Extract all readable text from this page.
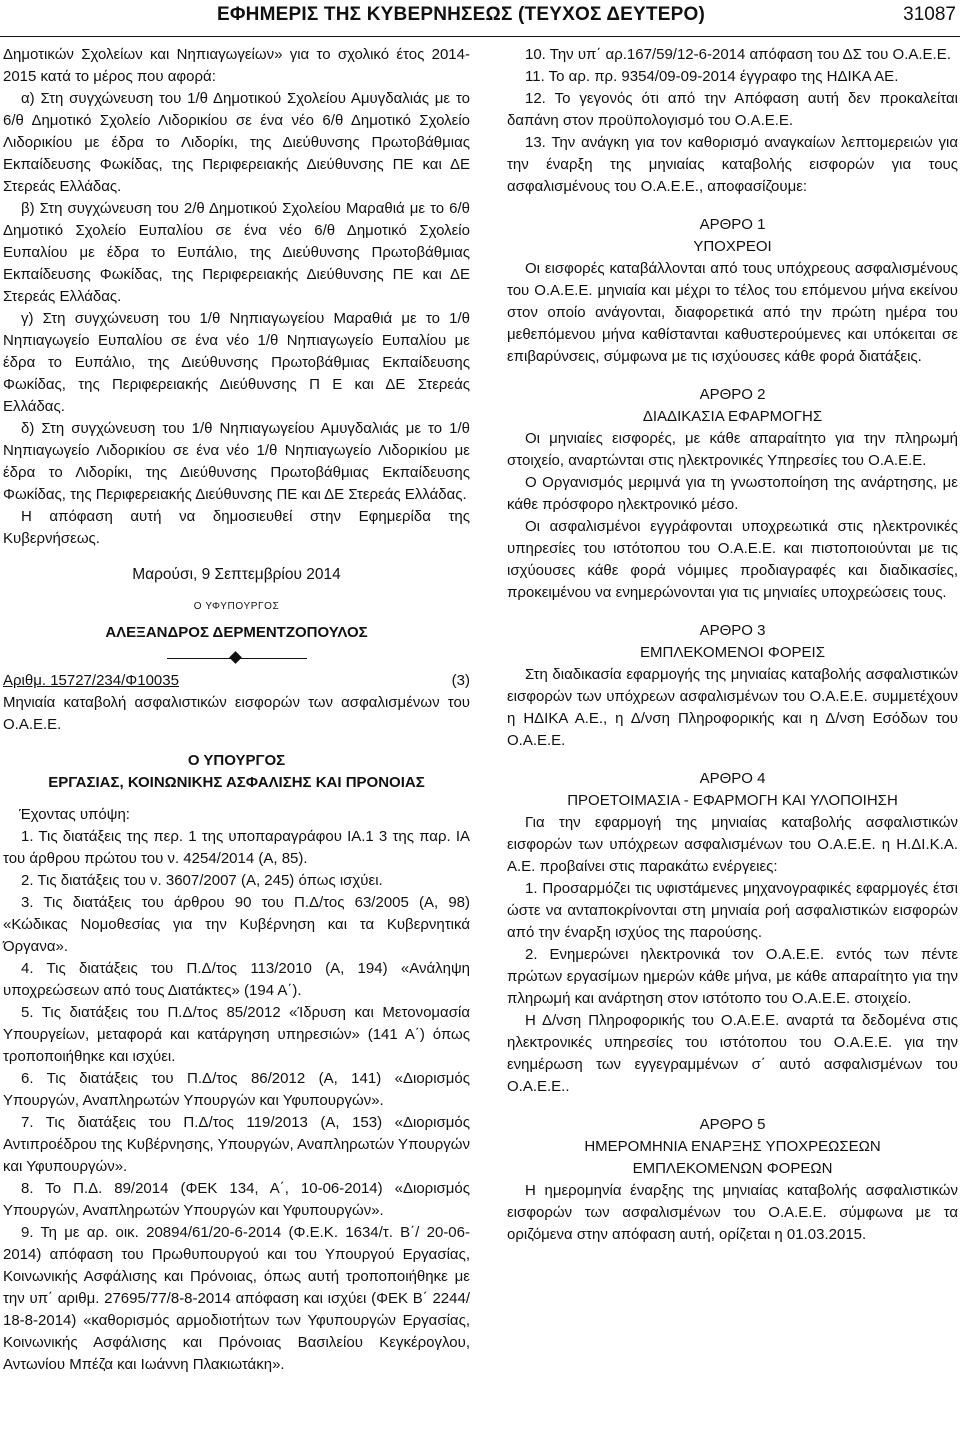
ΕΦΗΜΕΡΙΣ ΤΗΣ ΚΥΒΕΡΝΗΣΕΩΣ (ΤΕΥΧΟΣ ΔΕΥΤΕΡΟ)	31087

Δημοτικών Σχολείων και Νηπιαγωγείων» για το σχολικό έτος 2014-2015 κατά το μέρος που αφορά:

α) Στη συγχώνευση του 1/θ Δημοτικού Σχολείου Αμυγδαλιάς με το 6/θ Δημοτικό Σχολείο Λιδορικίου σε ένα νέο 6/θ Δημοτικό Σχολείο Λιδορικίου με έδρα το Λιδορίκι, της Διεύθυνσης Πρωτοβάθμιας Εκπαίδευσης Φωκίδας, της Περιφερειακής Διεύθυνσης ΠΕ και ΔΕ Στερεάς Ελλάδας.

β) Στη συγχώνευση του 2/θ Δημοτικού Σχολείου Μαραθιά με το 6/θ Δημοτικό Σχολείο Ευπαλίου σε ένα νέο 6/θ Δημοτικό Σχολείο Ευπαλίου με έδρα το Ευπάλιο, της Διεύθυνσης Πρωτοβάθμιας Εκπαίδευσης Φωκίδας, της Περιφερειακής Διεύθυνσης ΠΕ και ΔΕ Στερεάς Ελλάδας.

γ) Στη συγχώνευση του 1/θ Νηπιαγωγείου Μαραθιά με το 1/θ Νηπιαγωγείο Ευπαλίου σε ένα νέο 1/θ Νηπιαγωγείο Ευπαλίου με έδρα το Ευπάλιο, της Διεύθυνσης Πρωτοβάθμιας Εκπαίδευσης Φωκίδας, της Περιφερειακής Διεύθυνσης Π Ε και ΔΕ Στερεάς Ελλάδας.

δ) Στη συγχώνευση του 1/θ Νηπιαγωγείου Αμυγδαλιάς με το 1/θ Νηπιαγωγείο Λιδορικίου σε ένα νέο 1/θ Νηπιαγωγείο Λιδορικίου με έδρα το Λιδορίκι, της Διεύθυνσης Πρωτοβάθμιας Εκπαίδευσης Φωκίδας, της Περιφερειακής Διεύθυνσης ΠΕ και ΔΕ Στερεάς Ελλάδας.

Η απόφαση αυτή να δημοσιευθεί στην Εφημερίδα της Κυβερνήσεως.

Μαρούσι, 9 Σεπτεμβρίου 2014

Ο ΥΦΥΠΟΥΡΓΟΣ

ΑΛΕΞΑΝΔΡΟΣ ΔΕΡΜΕΝΤΖΟΠΟΥΛΟΣ

Αριθμ. 15727/234/Φ10035	(3)

Μηνιαία καταβολή ασφαλιστικών εισφορών των ασφαλισμένων του Ο.Α.Ε.Ε.

Ο ΥΠΟΥΡΓΟΣ

ΕΡΓΑΣΙΑΣ, ΚΟΙΝΩΝΙΚΗΣ ΑΣΦΑΛΙΣΗΣ ΚΑΙ ΠΡΟΝΟΙΑΣ

Έχοντας υπόψη:

1. Τις διατάξεις της περ. 1 της υποπαραγράφου ΙΑ.1 3 της παρ. ΙΑ του άρθρου πρώτου του ν. 4254/2014 (Α, 85).

2. Τις διατάξεις του ν. 3607/2007 (Α, 245) όπως ισχύει.

3. Τις διατάξεις του άρθρου 90 του Π.Δ/τος 63/2005 (Α, 98) «Κώδικας Νομοθεσίας για την Κυβέρνηση και τα Κυβερνητικά Όργανα».

4. Τις διατάξεις του Π.Δ/τος 113/2010 (Α, 194) «Ανάληψη υποχρεώσεων από τους Διατάκτες» (194 Α΄).

5. Τις διατάξεις του Π.Δ/τος 85/2012 «Ίδρυση και Μετονομασία Υπουργείων, μεταφορά και κατάργηση υπηρεσιών» (141 Α΄) όπως τροποποιήθηκε και ισχύει.

6. Τις διατάξεις του Π.Δ/τος 86/2012 (Α, 141) «Διορισμός Υπουργών, Αναπληρωτών Υπουργών και Υφυπουργών».

7. Τις διατάξεις του Π.Δ/τος 119/2013 (Α, 153) «Διορισμός Αντιπροέδρου της Κυβέρνησης, Υπουργών, Αναπληρωτών Υπουργών και Υφυπουργών».

8. Το Π.Δ. 89/2014 (ΦΕΚ 134, Α΄, 10-06-2014) «Διορισμός Υπουργών, Αναπληρωτών Υπουργών και Υφυπουργών».

9. Τη με αρ. οικ. 20894/61/20-6-2014 (Φ.Ε.Κ. 1634/τ. Β΄/ 20-06-2014) απόφαση του Πρωθυπουργού και του Υπουργού Εργασίας, Κοινωνικής Ασφάλισης και Πρόνοιας, όπως αυτή τροποποιήθηκε με την υπ΄ αριθμ. 27695/77/8-8-2014 απόφαση και ισχύει (ΦΕΚ Β΄ 2244/ 18-8-2014) «καθορισμός αρμοδιοτήτων των Υφυπουργών Εργασίας, Κοινωνικής Ασφάλισης και Πρόνοιας Βασιλείου Κεγκέρογλου, Αντωνίου Μπέζα και Ιωάννη Πλακιωτάκη».

10. Την υπ΄ αρ.167/59/12-6-2014 απόφαση του ΔΣ του Ο.Α.Ε.Ε.

11. Το αρ. πρ. 9354/09-09-2014 έγγραφο της ΗΔΙΚΑ ΑΕ.

12. Το γεγονός ότι από την Απόφαση αυτή δεν προκαλείται δαπάνη στον προϋπολογισμό του Ο.Α.Ε.Ε.

13. Την ανάγκη για τον καθορισμό αναγκαίων λεπτομερειών για την έναρξη της μηνιαίας καταβολής εισφορών για τους ασφαλισμένους του Ο.Α.Ε.Ε., αποφασίζουμε:

ΑΡΘΡΟ 1

ΥΠΟΧΡΕΟΙ

Οι εισφορές καταβάλλονται από τους υπόχρεους ασφαλισμένους του Ο.Α.Ε.Ε. μηνιαία και μέχρι το τέλος του επόμενου μήνα εκείνου στον οποίο ανάγονται, διαφορετικά από την πρώτη ημέρα του μεθεπόμενου μήνα καθίστανται καθυστερούμενες και υπόκειται σε επιβαρύνσεις, σύμφωνα με τις ισχύουσες κάθε φορά διατάξεις.

ΑΡΘΡΟ 2

ΔΙΑΔΙΚΑΣΙΑ ΕΦΑΡΜΟΓΗΣ

Οι μηνιαίες εισφορές, με κάθε απαραίτητο για την πληρωμή στοιχείο, αναρτώνται στις ηλεκτρονικές Υπηρεσίες του Ο.Α.Ε.Ε.

Ο Οργανισμός μεριμνά για τη γνωστοποίηση της ανάρτησης, με κάθε πρόσφορο ηλεκτρονικό μέσο.

Οι ασφαλισμένοι εγγράφονται υποχρεωτικά στις ηλεκτρονικές υπηρεσίες του ιστότοπου του Ο.Α.Ε.Ε. και πιστοποιούνται με τις ισχύουσες κάθε φορά νόμιμες προδιαγραφές και διαδικασίες, προκειμένου να ενημερώνονται για τις μηνιαίες υποχρεώσεις τους.

ΑΡΘΡΟ 3

ΕΜΠΛΕΚΟΜΕΝΟΙ ΦΟΡΕΙΣ

Στη διαδικασία εφαρμογής της μηνιαίας καταβολής ασφαλιστικών εισφορών των υπόχρεων ασφαλισμένων του Ο.Α.Ε.Ε. συμμετέχουν η ΗΔΙΚΑ Α.Ε., η Δ/νση Πληροφορικής και η Δ/νση Εσόδων του Ο.Α.Ε.Ε.

ΑΡΘΡΟ 4

ΠΡΟΕΤΟΙΜΑΣΙΑ - ΕΦΑΡΜΟΓΗ ΚΑΙ ΥΛΟΠΟΙΗΣΗ

Για την εφαρμογή της μηνιαίας καταβολής ασφαλιστικών εισφορών των υπόχρεων ασφαλισμένων του Ο.Α.Ε.Ε. η Η.ΔΙ.Κ.Α. Α.Ε. προβαίνει στις παρακάτω ενέργειες:

1. Προσαρμόζει τις υφιστάμενες μηχανογραφικές εφαρμογές έτσι ώστε να ανταποκρίνονται στη μηνιαία ροή ασφαλιστικών εισφορών από την έναρξη ισχύος της παρούσης.

2. Ενημερώνει ηλεκτρονικά τον Ο.Α.Ε.Ε. εντός των πέντε πρώτων εργασίμων ημερών κάθε μήνα, με κάθε απαραίτητο για την πληρωμή και ανάρτηση στον ιστότοπο του Ο.Α.Ε.Ε. στοιχείο.

Η Δ/νση Πληροφορικής του Ο.Α.Ε.Ε. αναρτά τα δεδομένα στις ηλεκτρονικές υπηρεσίες του ιστότοπου του Ο.Α.Ε.Ε. για την ενημέρωση των εγγεγραμμένων σ΄ αυτό ασφαλισμένων του Ο.Α.Ε.Ε..

ΑΡΘΡΟ 5

ΗΜΕΡΟΜΗΝΙΑ ΕΝΑΡΞΗΣ ΥΠΟΧΡΕΩΣΕΩΝ

ΕΜΠΛΕΚΟΜΕΝΩΝ ΦΟΡΕΩΝ

Η ημερομηνία έναρξης της μηνιαίας καταβολής ασφαλιστικών εισφορών των ασφαλισμένων του Ο.Α.Ε.Ε. σύμφωνα με τα οριζόμενα στην απόφαση αυτή, ορίζεται η 01.03.2015.
